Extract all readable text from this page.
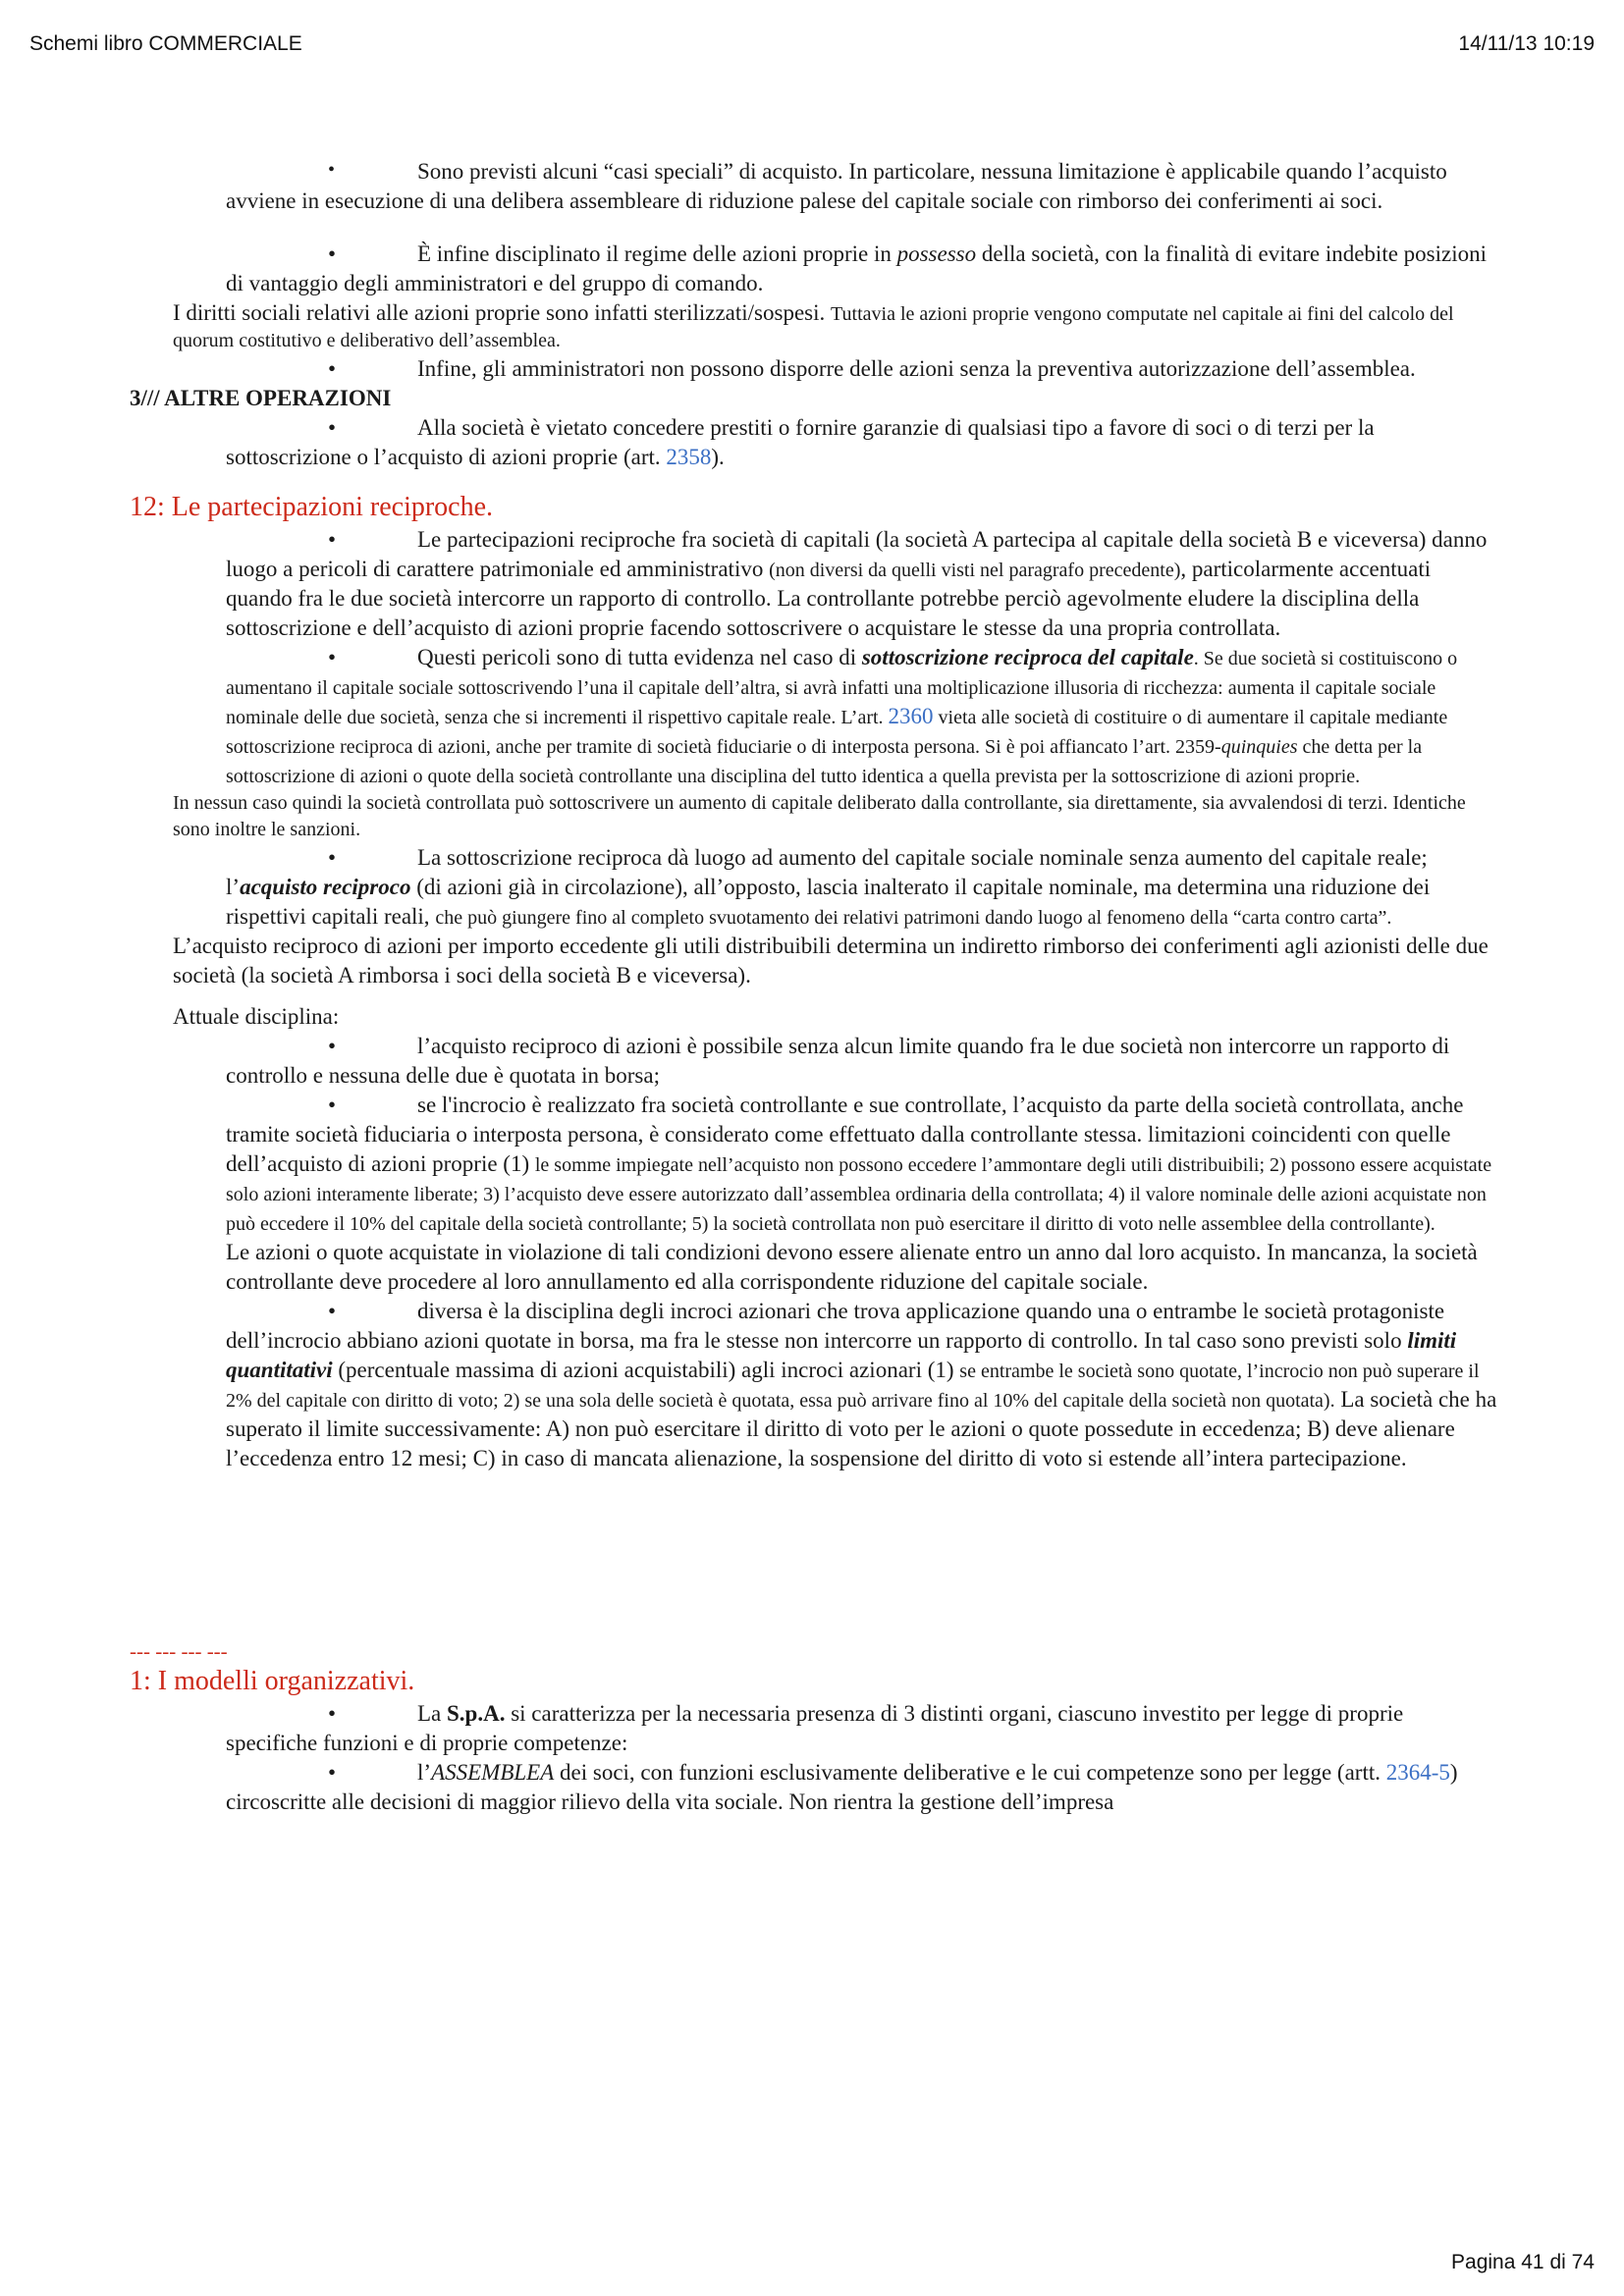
Schemi libro COMMERCIALE	14/11/13 10:19
•	Sono previsti alcuni “casi speciali” di acquisto. In particolare, nessuna limitazione è applicabile quando l’acquisto avviene in esecuzione di una delibera assembleare di riduzione palese del capitale sociale con rimborso dei conferimenti ai soci.
•	È infine disciplinato il regime delle azioni proprie in possesso della società, con la finalità di evitare indebite posizioni di vantaggio degli amministratori e del gruppo di comando.
I diritti sociali relativi alle azioni proprie sono infatti sterilizzati/sospesi. Tuttavia le azioni proprie vengono computate nel capitale ai fini del calcolo del quorum costitutivo e deliberativo dell’assemblea.
•	Infine, gli amministratori non possono disporre delle azioni senza la preventiva autorizzazione dell’assemblea.
3/// ALTRE OPERAZIONI
•	Alla società è vietato concedere prestiti o fornire garanzie di qualsiasi tipo a favore di soci o di terzi per la sottoscrizione o l’acquisto di azioni proprie (art. 2358).
12: Le partecipazioni reciproche.
•	Le partecipazioni reciproche fra società di capitali (la società A partecipa al capitale della società B e viceversa) danno luogo a pericoli di carattere patrimoniale ed amministrativo (non diversi da quelli visti nel paragrafo precedente), particolarmente accentuati quando fra le due società intercorre un rapporto di controllo. La controllante potrebbe perciò agevolmente eludere la disciplina della sottoscrizione e dell’acquisto di azioni proprie facendo sottoscrivere o acquistare le stesse da una propria controllata.
•	Questi pericoli sono di tutta evidenza nel caso di sottoscrizione reciproca del capitale. Se due società si costituiscono o aumentano il capitale sociale sottoscrivendo l’una il capitale dell’altra, si avrà infatti una moltiplicazione illusoria di ricchezza: aumenta il capitale sociale nominale delle due società, senza che si incrementi il rispettivo capitale reale. L’art. 2360 vieta alle società di costituire o di aumentare il capitale mediante sottoscrizione reciproca di azioni, anche per tramite di società fiduciarie o di interposta persona. Si è poi affiancato l’art. 2359-quinquies che detta per la sottoscrizione di azioni o quote della società controllante una disciplina del tutto identica a quella prevista per la sottoscrizione di azioni proprie.
In nessun caso quindi la società controllata può sottoscrivere un aumento di capitale deliberato dalla controllante, sia direttamente, sia avvalendosi di terzi. Identiche sono inoltre le sanzioni.
•	La sottoscrizione reciproca dà luogo ad aumento del capitale sociale nominale senza aumento del capitale reale; l’acquisto reciproco (di azioni già in circolazione), all’opposto, lascia inalterato il capitale nominale, ma determina una riduzione dei rispettivi capitali reali, che può giungere fino al completo svuotamento dei relativi patrimoni dando luogo al fenomeno della “carta contro carta”.
L’acquisto reciproco di azioni per importo eccedente gli utili distribuibili determina un indiretto rimborso dei conferimenti agli azionisti delle due società (la società A rimborsa i soci della società B e viceversa).
Attuale disciplina:
•	l’acquisto reciproco di azioni è possibile senza alcun limite quando fra le due società non intercorre un rapporto di controllo e nessuna delle due è quotata in borsa;
•	se l'incrocio è realizzato fra società controllante e sue controllate, l’acquisto da parte della società controllata, anche tramite società fiduciaria o interposta persona, è considerato come effettuato dalla controllante stessa. limitazioni coincidenti con quelle dell’acquisto di azioni proprie (1) le somme impiegate nell’acquisto non possono eccedere l’ammontare degli utili distribuibili; 2) possono essere acquistate solo azioni interamente liberate; 3) l’acquisto deve essere autorizzato dall’assemblea ordinaria della controllata; 4) il valore nominale delle azioni acquistate non può eccedere il 10% del capitale della società controllante; 5) la società controllata non può esercitare il diritto di voto nelle assemblee della controllante).
Le azioni o quote acquistate in violazione di tali condizioni devono essere alienate entro un anno dal loro acquisto. In mancanza, la società controllante deve procedere al loro annullamento ed alla corrispondente riduzione del capitale sociale.
•	diversa è la disciplina degli incroci azionari che trova applicazione quando una o entrambe le società protagoniste dell’incrocio abbiano azioni quotate in borsa, ma fra le stesse non intercorre un rapporto di controllo. In tal caso sono previsti solo limiti quantitativi (percentuale massima di azioni acquistabili) agli incroci azionari (1) se entrambe le società sono quotate, l’incrocio non può superare il 2% del capitale con diritto di voto; 2) se una sola delle società è quotata, essa può arrivare fino al 10% del capitale della società non quotata). La società che ha superato il limite successivamente: A) non può esercitare il diritto di voto per le azioni o quote possedute in eccedenza; B) deve alienare l’eccedenza entro 12 mesi; C) in caso di mancata alienazione, la sospensione del diritto di voto si estende all’intera partecipazione.
--- --- --- ---
1: I modelli organizzativi.
•	La S.p.A. si caratterizza per la necessaria presenza di 3 distinti organi, ciascuno investito per legge di proprie specifiche funzioni e di proprie competenze:
•	l’ASSEMBLEA dei soci, con funzioni esclusivamente deliberative e le cui competenze sono per legge (artt. 2364-5) circoscritte alle decisioni di maggior rilievo della vita sociale. Non rientra la gestione dell’impresa
Pagina 41 di 74
